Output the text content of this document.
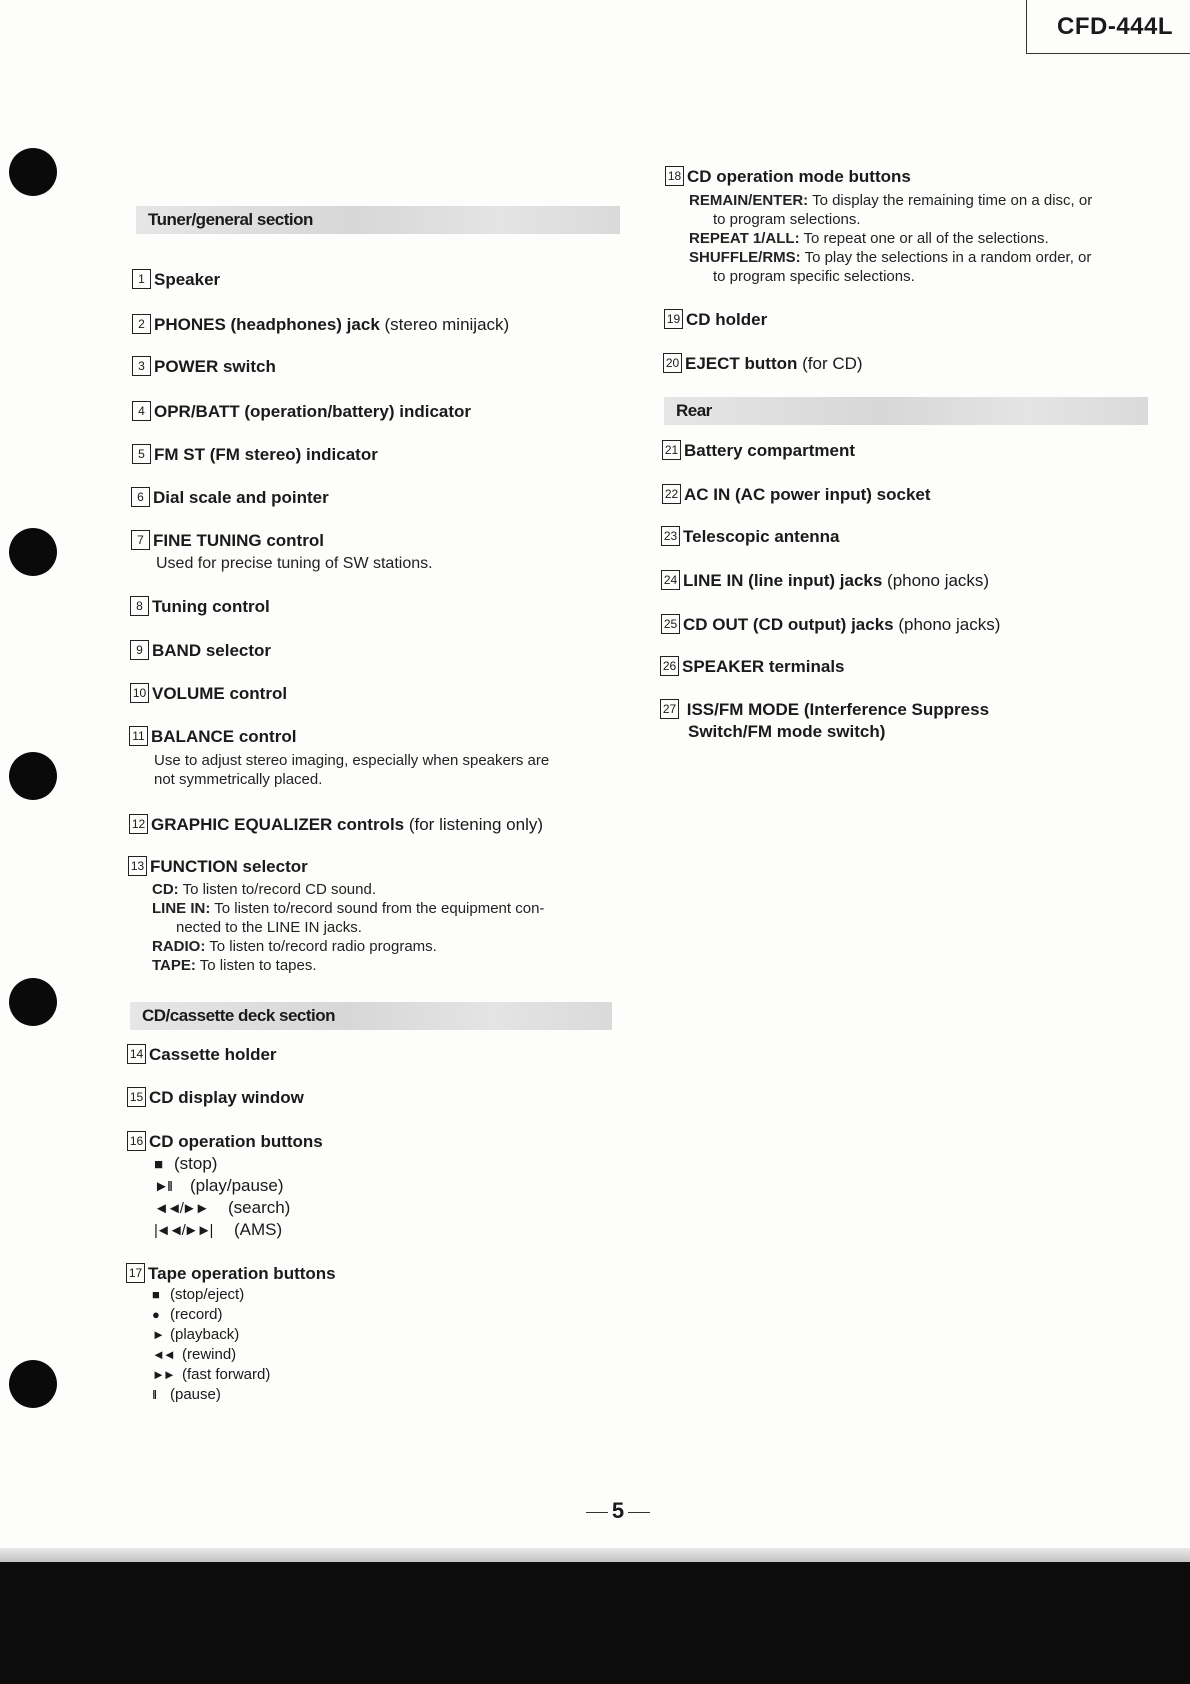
CFD-444L
Tuner/general section
1 Speaker
2 PHONES (headphones) jack (stereo minijack)
3 POWER switch
4 OPR/BATT (operation/battery) indicator
5 FM ST (FM stereo) indicator
6 Dial scale and pointer
7 FINE TUNING control
Used for precise tuning of SW stations.
8 Tuning control
9 BAND selector
10 VOLUME control
11 BALANCE control
Use to adjust stereo imaging, especially when speakers are
not symmetrically placed.
12 GRAPHIC EQUALIZER controls (for listening only)
13 FUNCTION selector
CD: To listen to/record CD sound.
LINE IN: To listen to/record sound from the equipment con-
nected to the LINE IN jacks.
RADIO: To listen to/record radio programs.
TAPE: To listen to tapes.
CD/cassette deck section
14 Cassette holder
15 CD display window
16 CD operation buttons
■ (stop)
►II (play/pause)
◄◄/►► (search)
|◄◄/►►| (AMS)
17 Tape operation buttons
■ (stop/eject)
● (record)
► (playback)
◄◄ (rewind)
►► (fast forward)
II (pause)
18 CD operation mode buttons
REMAIN/ENTER: To display the remaining time on a disc, or
to program selections.
REPEAT 1/ALL: To repeat one or all of the selections.
SHUFFLE/RMS: To play the selections in a random order, or
to program specific selections.
19 CD holder
20 EJECT button (for CD)
Rear
21 Battery compartment
22 AC IN (AC power input) socket
23 Telescopic antenna
24 LINE IN (line input) jacks (phono jacks)
25 CD OUT (CD output) jacks (phono jacks)
26 SPEAKER terminals
27 ISS/FM MODE (Interference Suppress
Switch/FM mode switch)
5
